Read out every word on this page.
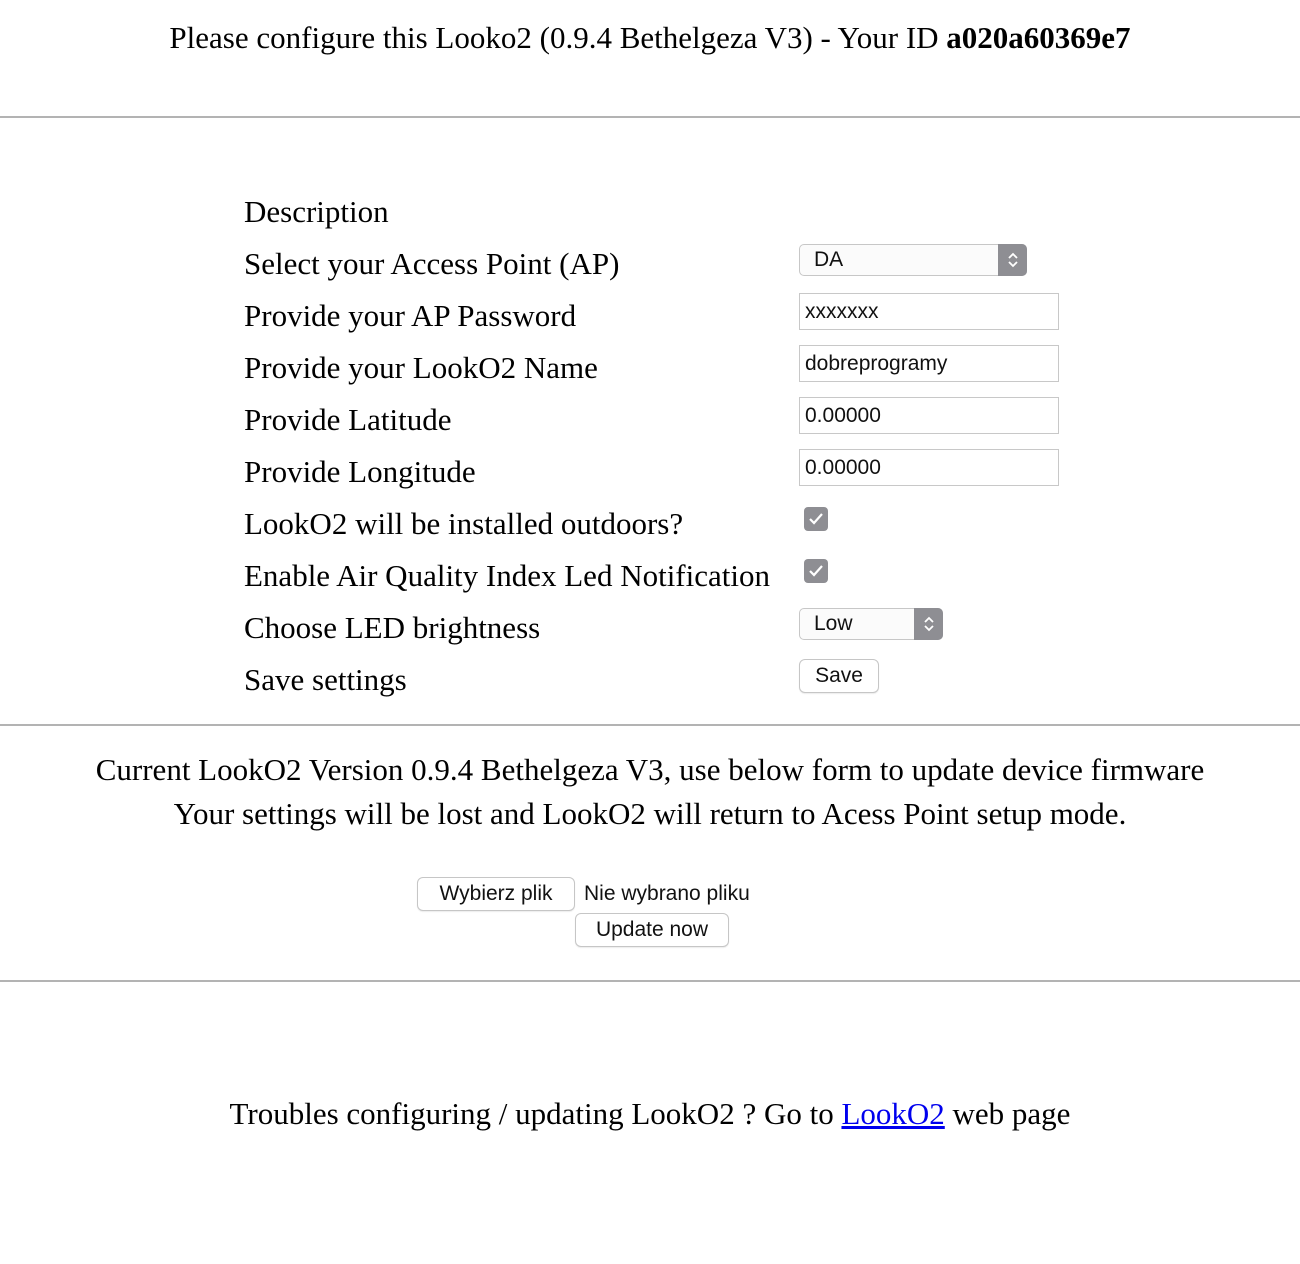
Please configure this Looko2 (0.9.4 Bethelgeza V3) - Your ID a020a60369e7
Description
Select your Access Point (AP)
Provide your AP Password
Provide your LookO2 Name
Provide Latitude
Provide Longitude
LookO2 will be installed outdoors?
Enable Air Quality Index Led Notification
Choose LED brightness
Save settings
DA
xxxxxxx
dobreprogramy
0.00000
0.00000
Low
Save
Current LookO2 Version 0.9.4 Bethelgeza V3, use below form to update device firmware
Your settings will be lost and LookO2 will return to Acess Point setup mode.
Wybierz plik	Nie wybrano pliku
Update now
Troubles configuring / updating LookO2 ? Go to LookO2 web page
